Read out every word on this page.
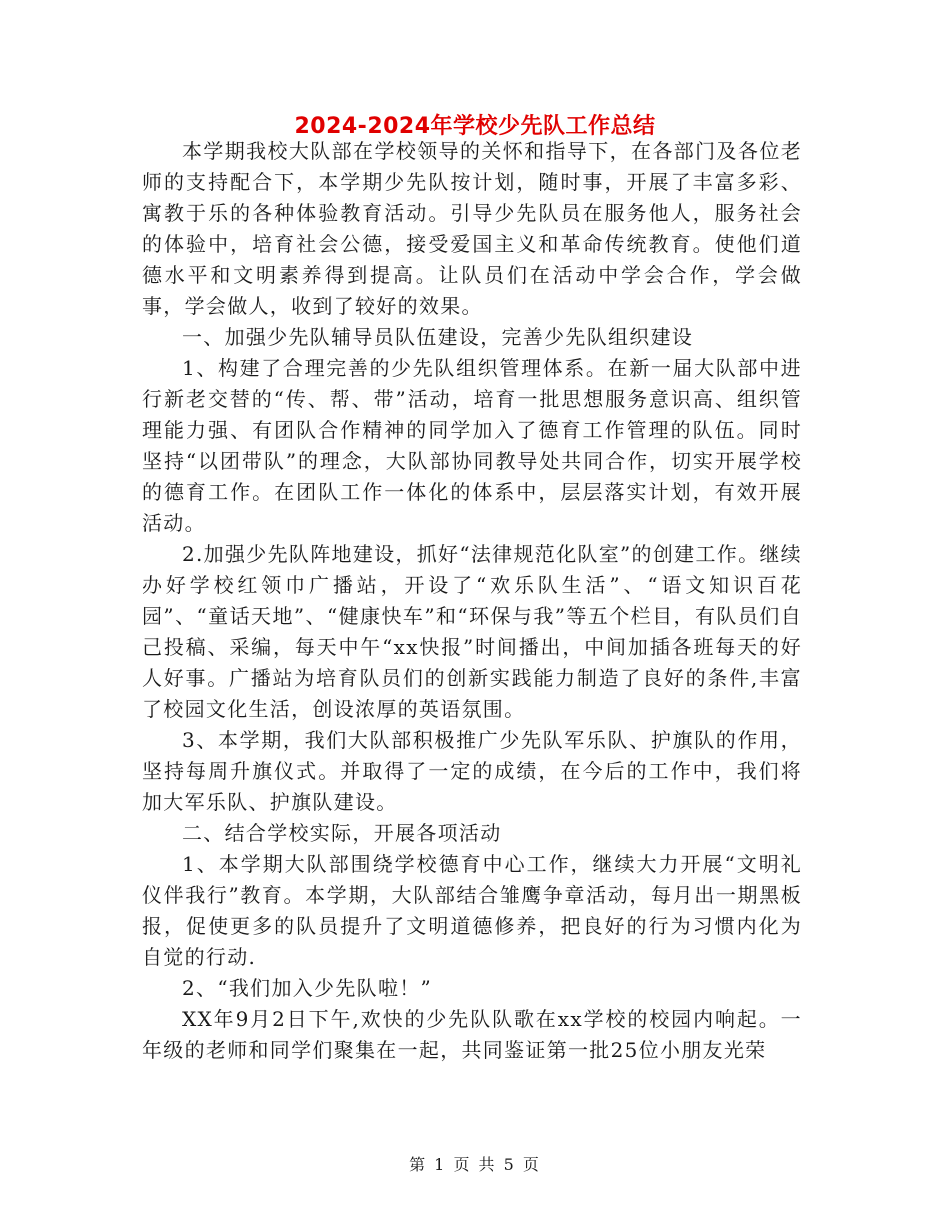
2024-2024年学校少先队工作总结

本学期我校大队部在学校领导的关怀和指导下，在各部门及各位老师的支持配合下，本学期少先队按计划，随时事，开展了丰富多彩、寓教于乐的各种体验教育活动。引导少先队员在服务他人，服务社会的体验中，培育社会公德，接受爱国主义和革命传统教育。使他们道德水平和文明素养得到提高。让队员们在活动中学会合作，学会做事，学会做人，收到了较好的效果。

一、加强少先队辅导员队伍建设，完善少先队组织建设

1、构建了合理完善的少先队组织管理体系。在新一届大队部中进行新老交替的“传、帮、带”活动，培育一批思想服务意识高、组织管理能力强、有团队合作精神的同学加入了德育工作管理的队伍。同时坚持“以团带队”的理念，大队部协同教导处共同合作，切实开展学校的德育工作。在团队工作一体化的体系中，层层落实计划，有效开展活动。

2.加强少先队阵地建设，抓好“法律规范化队室”的创建工作。继续办好学校红领巾广播站，开设了“欢乐队生活”、“语文知识百花园”、“童话天地”、“健康快车”和“环保与我”等五个栏目，有队员们自己投稿、采编，每天中午“xx快报”时间播出，中间加插各班每天的好人好事。广播站为培育队员们的创新实践能力制造了良好的条件,丰富了校园文化生活，创设浓厚的英语氛围。

3、本学期，我们大队部积极推广少先队军乐队、护旗队的作用，坚持每周升旗仪式。并取得了一定的成绩，在今后的工作中，我们将加大军乐队、护旗队建设。

二、结合学校实际，开展各项活动

1、本学期大队部围绕学校德育中心工作，继续大力开展“文明礼仪伴我行”教育。本学期，大队部结合雏鹰争章活动，每月出一期黑板报，促使更多的队员提升了文明道德修养，把良好的行为习惯内化为自觉的行动.

2、“我们加入少先队啦！”

XX年9月2日下午,欢快的少先队队歌在xx学校的校园内响起。一年级的老师和同学们聚集在一起，共同鉴证第一批25位小朋友光荣

第 1 页 共 5 页
